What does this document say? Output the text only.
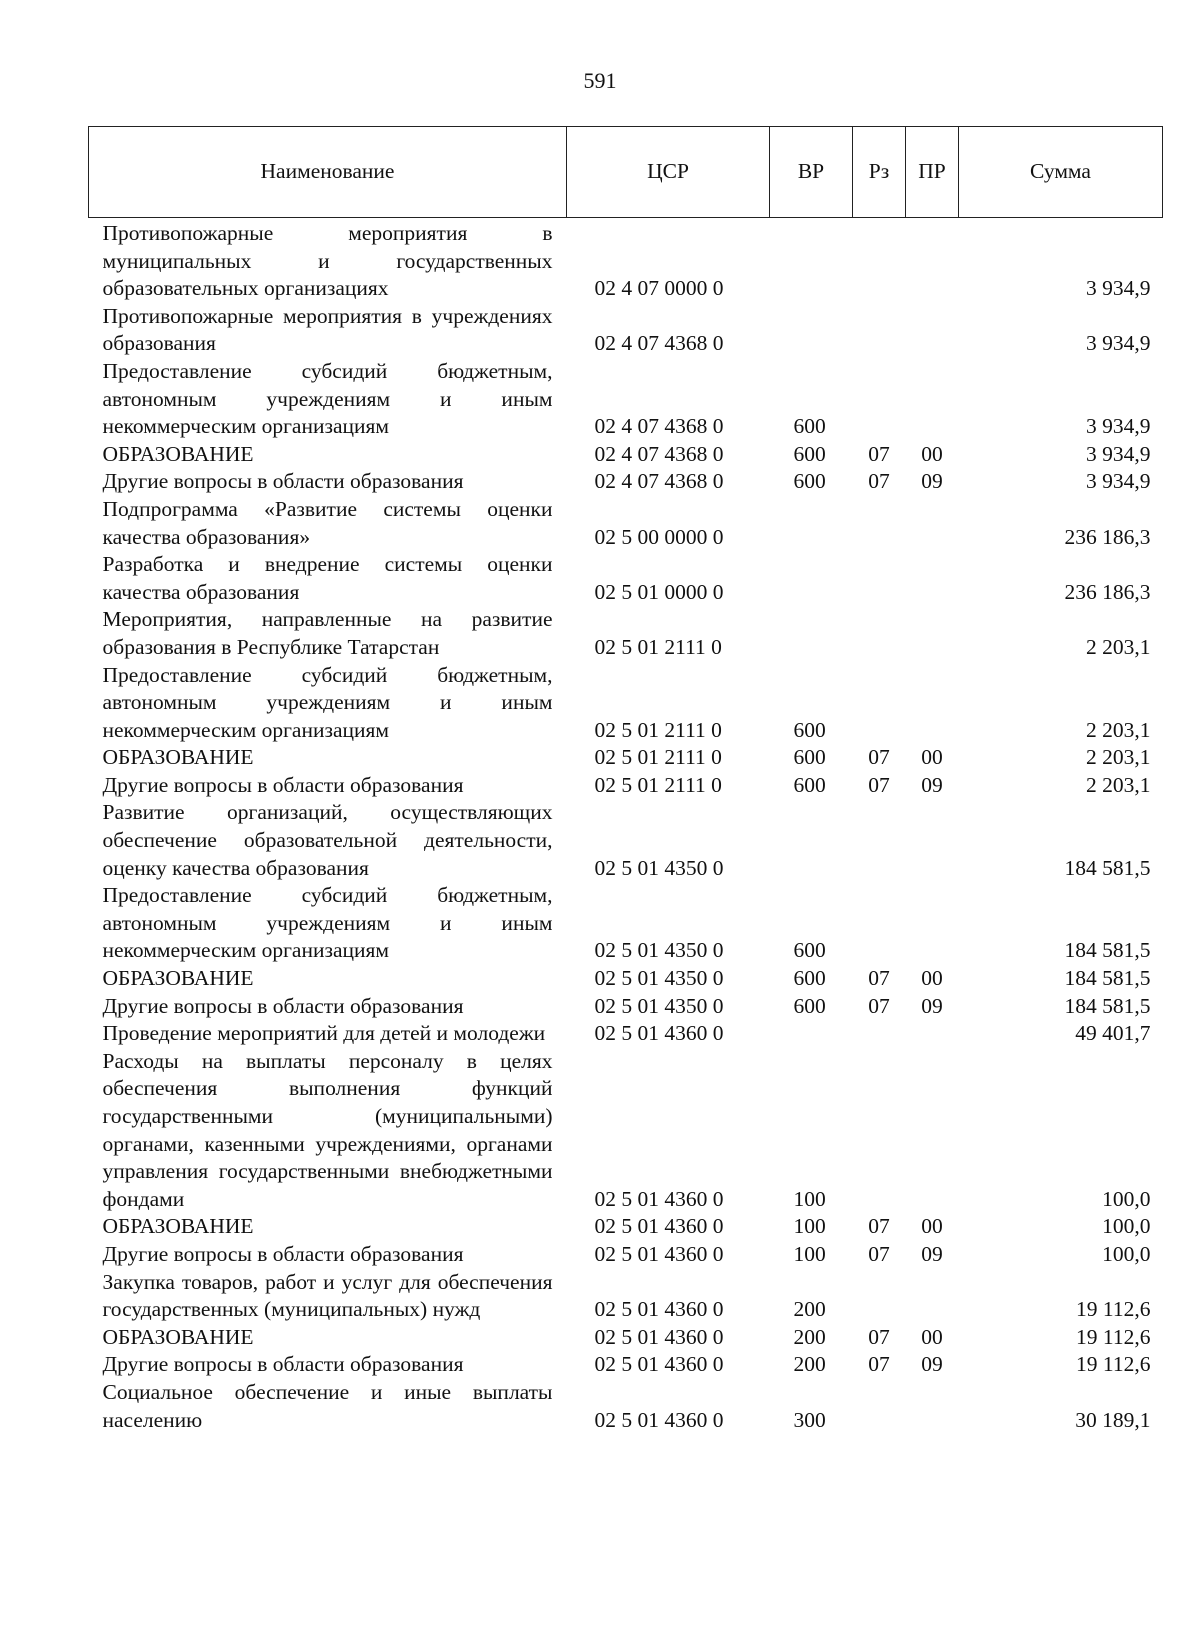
591
Наименование	ЦСР	ВР	Рз	ПР	Сумма
Противопожарные мероприятия в муниципальных и государственных образовательных организациях	02 4 07 0000 0				3 934,9
Противопожарные мероприятия в учреждениях образования	02 4 07 4368 0				3 934,9
Предоставление субсидий бюджетным, автономным учреждениям и иным некоммерческим организациям	02 4 07 4368 0	600			3 934,9
ОБРАЗОВАНИЕ	02 4 07 4368 0	600	07	00	3 934,9
Другие вопросы в области образования	02 4 07 4368 0	600	07	09	3 934,9
Подпрограмма «Развитие системы оценки качества образования»	02 5 00 0000 0				236 186,3
Разработка и внедрение системы оценки качества образования	02 5 01 0000 0				236 186,3
Мероприятия, направленные на развитие образования в Республике Татарстан	02 5 01 2111 0				2 203,1
Предоставление субсидий бюджетным, автономным учреждениям и иным некоммерческим организациям	02 5 01 2111 0	600			2 203,1
ОБРАЗОВАНИЕ	02 5 01 2111 0	600	07	00	2 203,1
Другие вопросы в области образования	02 5 01 2111 0	600	07	09	2 203,1
Развитие организаций, осуществляющих обеспечение образовательной деятельности, оценку качества образования	02 5 01 4350 0				184 581,5
Предоставление субсидий бюджетным, автономным учреждениям и иным некоммерческим организациям	02 5 01 4350 0	600			184 581,5
ОБРАЗОВАНИЕ	02 5 01 4350 0	600	07	00	184 581,5
Другие вопросы в области образования	02 5 01 4350 0	600	07	09	184 581,5
Проведение мероприятий для детей и молодежи	02 5 01 4360 0				49 401,7
Расходы на выплаты персоналу в целях обеспечения выполнения функций государственными (муниципальными) органами, казенными учреждениями, органами управления государственными внебюджетными фондами	02 5 01 4360 0	100			100,0
ОБРАЗОВАНИЕ	02 5 01 4360 0	100	07	00	100,0
Другие вопросы в области образования	02 5 01 4360 0	100	07	09	100,0
Закупка товаров, работ и услуг для обеспечения государственных (муниципальных) нужд	02 5 01 4360 0	200			19 112,6
ОБРАЗОВАНИЕ	02 5 01 4360 0	200	07	00	19 112,6
Другие вопросы в области образования	02 5 01 4360 0	200	07	09	19 112,6
Социальное обеспечение и иные выплаты населению	02 5 01 4360 0	300			30 189,1
